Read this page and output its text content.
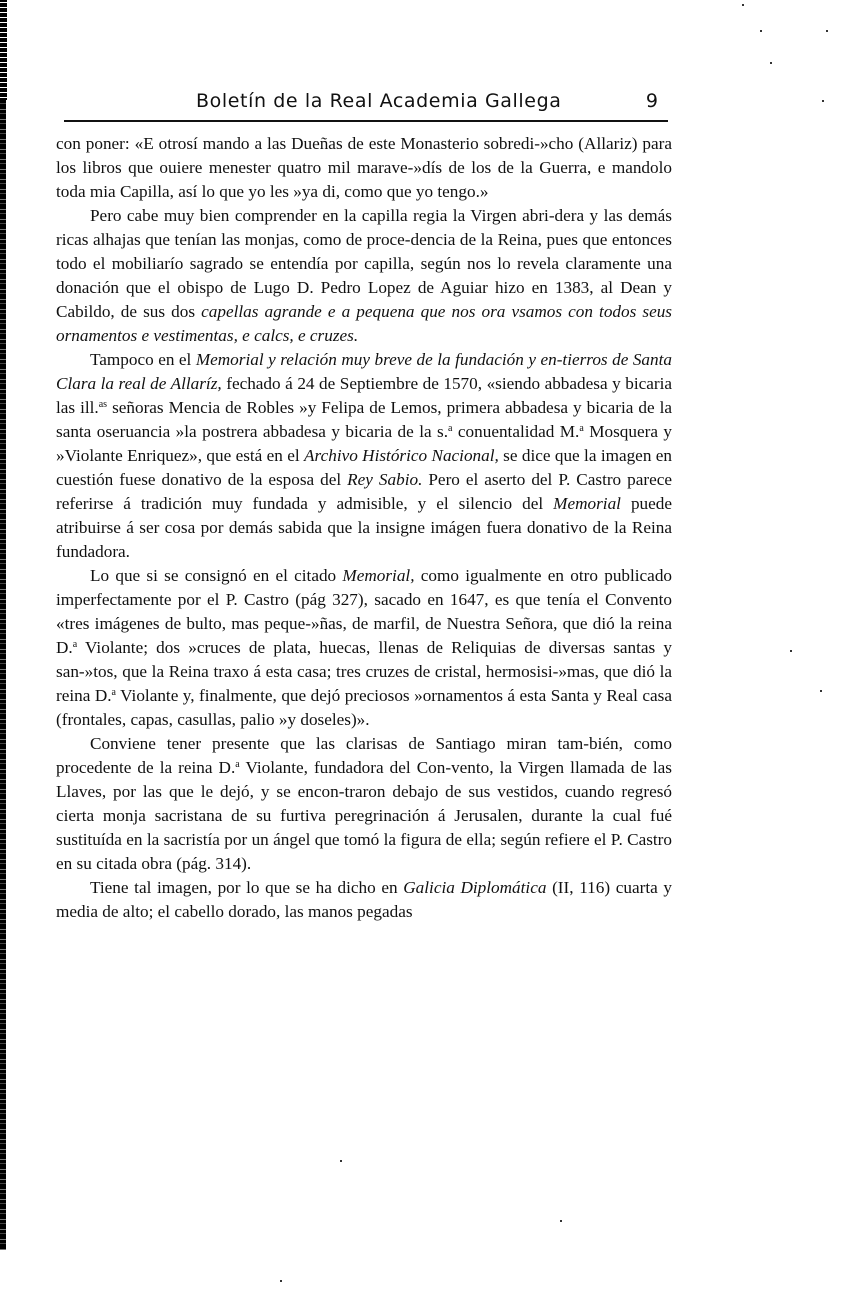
Boletín de la Real Academia Gallega	9

con poner: «E otrosí mando a las Dueñas de este Monasterio sobredi-»cho (Allariz) para los libros que ouiere menester quatro mil marave-»dís de los de la Guerra, e mandolo toda mia Capilla, así lo que yo les »ya di, como que yo tengo.»

Pero cabe muy bien comprender en la capilla regia la Virgen abri-dera y las demás ricas alhajas que tenían las monjas, como de proce-dencia de la Reina, pues que entonces todo el mobiliarío sagrado se entendía por capilla, según nos lo revela claramente una donación que el obispo de Lugo D. Pedro Lopez de Aguiar hizo en 1383, al Dean y Cabildo, de sus dos capellas agrande e a pequena que nos ora vsamos con todos seus ornamentos e vestimentas, e calcs, e cruzes.

Tampoco en el Memorial y relación muy breve de la fundación y en-tierros de Santa Clara la real de Allaríz, fechado á 24 de Septiembre de 1570, «siendo abbadesa y bicaria las ill.$^{as}$ señoras Mencia de Robles »y Felipa de Lemos, primera abbadesa y bicaria de la santa oseruancia »la postrera abbadesa y bicaria de la s.$^a$ conuentalidad M.$^a$ Mosquera y »Violante Enriquez», que está en el Archivo Histórico Nacional, se dice que la imagen en cuestión fuese donativo de la esposa del Rey Sabio. Pero el aserto del P. Castro parece referirse á tradición muy fundada y admisible, y el silencio del Memorial puede atribuirse á ser cosa por demás sabida que la insigne imágen fuera donativo de la Reina fundadora.

Lo que si se consignó en el citado Memorial, como igualmente en otro publicado imperfectamente por el P. Castro (pág 327), sacado en 1647, es que tenía el Convento «tres imágenes de bulto, mas peque-»ñas, de marfil, de Nuestra Señora, que dió la reina D.$^a$ Violante; dos »cruces de plata, huecas, llenas de Reliquias de diversas santas y san-»tos, que la Reina traxo á esta casa; tres cruzes de cristal, hermosisi-»mas, que dió la reina D.$^a$ Violante y, finalmente, que dejó preciosos »ornamentos á esta Santa y Real casa (frontales, capas, casullas, palio »y doseles)».

Conviene tener presente que las clarisas de Santiago miran tam-bién, como procedente de la reina D.$^a$ Violante, fundadora del Con-vento, la Virgen llamada de las Llaves, por las que le dejó, y se encon-traron debajo de sus vestidos, cuando regresó cierta monja sacristana de su furtiva peregrinación á Jerusalen, durante la cual fué sustituída en la sacristía por un ángel que tomó la figura de ella; según refiere el P. Castro en su citada obra (pág. 314).

Tiene tal imagen, por lo que se ha dicho en Galicia Diplomática (II, 116) cuarta y media de alto; el cabello dorado, las manos pegadas
